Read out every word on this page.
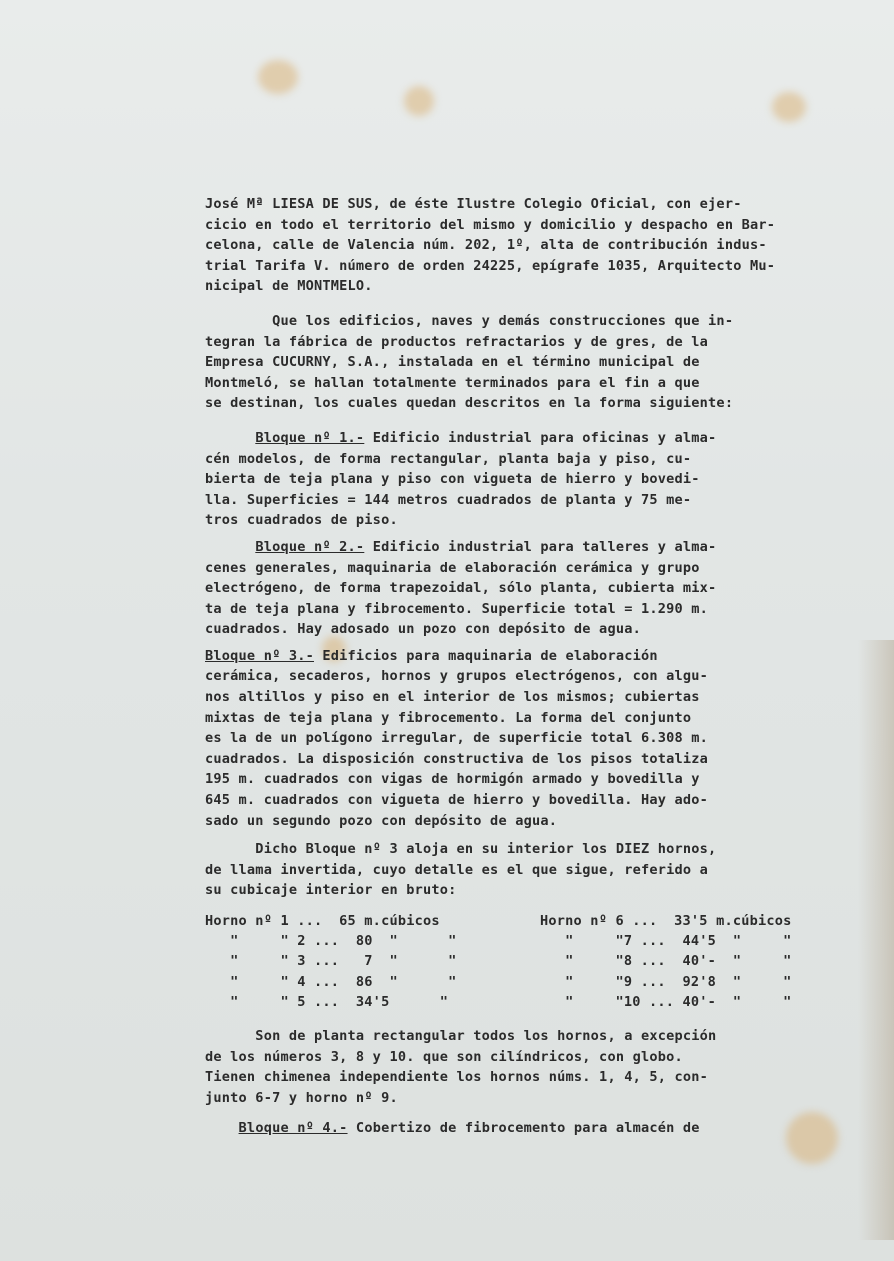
José Mª LIESA DE SUS, de éste Ilustre Colegio Oficial, con ejer-

cicio en todo el territorio del mismo y domicilio y despacho en Bar-

celona, calle de Valencia núm. 202, 1º, alta de contribución indus-

trial Tarifa V. número de orden 24225, epígrafe 1035, Arquitecto Mu-

nicipal de MONTMELO.

Que los edificios, naves y demás construcciones que in-

tegran la fábrica de productos refractarios y de gres, de la

Empresa CUCURNY, S.A., instalada en el término municipal de

Montmeló, se hallan totalmente terminados para el fin a que

se destinan, los cuales quedan descritos en la forma siguiente:

Bloque nº 1.- Edificio industrial para oficinas y alma-

cén modelos, de forma rectangular, planta baja y piso, cu-

bierta de teja plana y piso con vigueta de hierro y bovedi-

lla. Superficies = 144 metros cuadrados de planta y 75 me-

tros cuadrados de piso.

Bloque nº 2.- Edificio industrial para talleres y alma-

cenes generales, maquinaria de elaboración cerámica y grupo

electrógeno, de forma trapezoidal, sólo planta, cubierta mix-

ta de teja plana y fibrocemento. Superficie total = 1.290 m.

cuadrados. Hay adosado un pozo con depósito de agua.

Bloque nº 3.- Edificios para maquinaria de elaboración

cerámica, secaderos, hornos y grupos electrógenos, con algu-

nos altillos y piso en el interior de los mismos; cubiertas

mixtas de teja plana y fibrocemento. La forma del conjunto

es la de un polígono irregular, de superficie total 6.308 m.

cuadrados. La disposición constructiva de los pisos totaliza

195 m. cuadrados con vigas de hormigón armado y bovedilla y

645 m. cuadrados con vigueta de hierro y bovedilla. Hay ado-

sado un segundo pozo con depósito de agua.

Dicho Bloque nº 3 aloja en su interior los DIEZ hornos,

de llama invertida, cuyo detalle es el que sigue, referido a

su cubicaje interior en bruto:

Horno nº 1 ...  65 m.cúbicos	Horno nº 6 ...  33'5 m.cúbicos
"     " 2 ...  80  "      "	"     "7 ...  44'5  "     "
"     " 3 ...   7  "      "	"     "8 ...  40'-  "     "
"     " 4 ...  86  "      "	"     "9 ...  92'8  "     "
"     " 5 ...  34'5      "	"     "10 ... 40'-  "     "

Son de planta rectangular todos los hornos, a excepción

de los números 3, 8 y 10. que son cilíndricos, con globo.

Tienen chimenea independiente los hornos núms. 1, 4, 5, con-

junto 6-7 y horno nº 9.

Bloque nº 4.- Cobertizo de fibrocemento para almacén de
